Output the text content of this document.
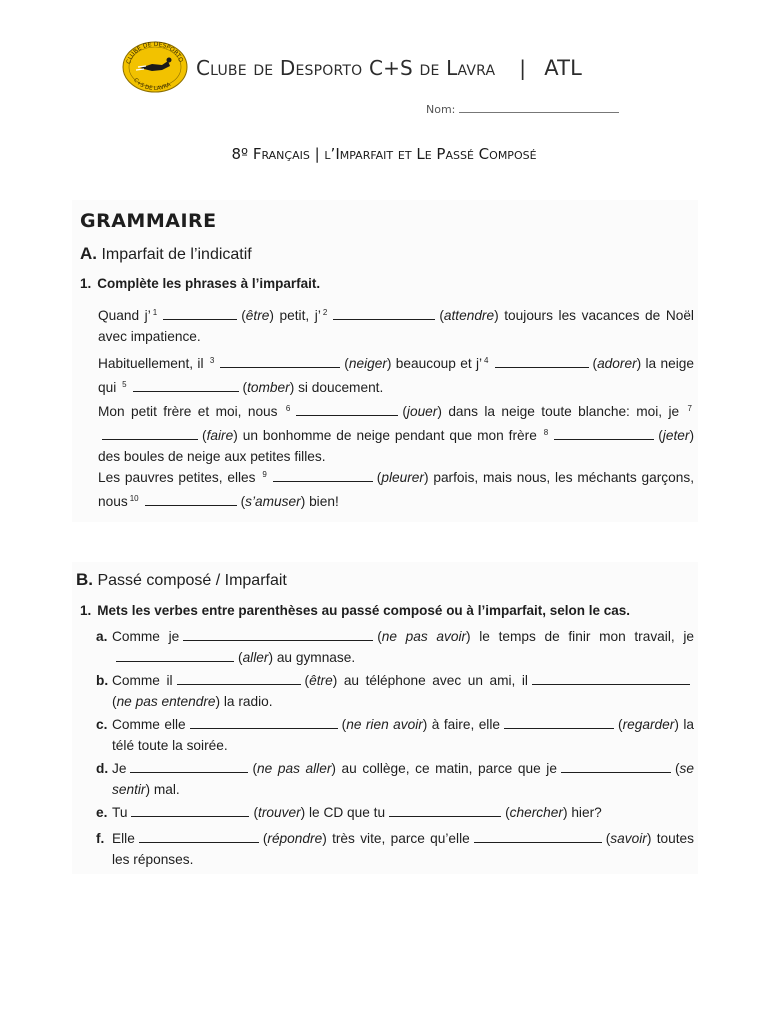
CLUBE DE DESPORTO
C+S DE LAVRA
Clube de Desporto C+S de Lavra | ATL
Nom:
8º Français | l’Imparfait et Le Passé Composé
GRAMMAIRE
A. Imparfait de l’indicatif
1. Complète les phrases à l’imparfait.
Quand j’ $^1$	(être) petit, j’ $^2$	(attendre) toujours les vacances de Noël avec impatience.
Habituellement, il $^3$	(neiger) beaucoup et j’ $^4$	(adorer) la neige qui $^5$	(tomber) si doucement.
Mon petit frère et moi, nous $^6$	(jouer) dans la neige toute blanche: moi, je $^7$(faire) un bonhomme de neige pendant que mon frère $^8$	(jeter) des boules de neige aux petites filles.
Les pauvres petites, elles $^9$	(pleurer) parfois, mais nous, les méchants garçons, nous $^{10}$	(s’amuser) bien!
B. Passé composé / Imparfait
1. Mets les verbes entre parenthèses au passé composé ou à l’imparfait, selon le cas.
a. Comme je	(ne pas avoir) le temps de finir mon travail, je(aller) au gymnase.
b. Comme il	(être) au téléphone avec un ami, il(ne pas entendre) la radio.
c. Comme elle	(ne rien avoir) à faire, elle	(regarder) la télé toute la soirée.
d. Je	(ne pas aller) au collège, ce matin, parce que je	(se sentir) mal.
e. Tu	(trouver) le CD que tu	(chercher) hier?
f. Elle	(répondre) très vite, parce qu’elle	(savoir) toutes les réponses.
